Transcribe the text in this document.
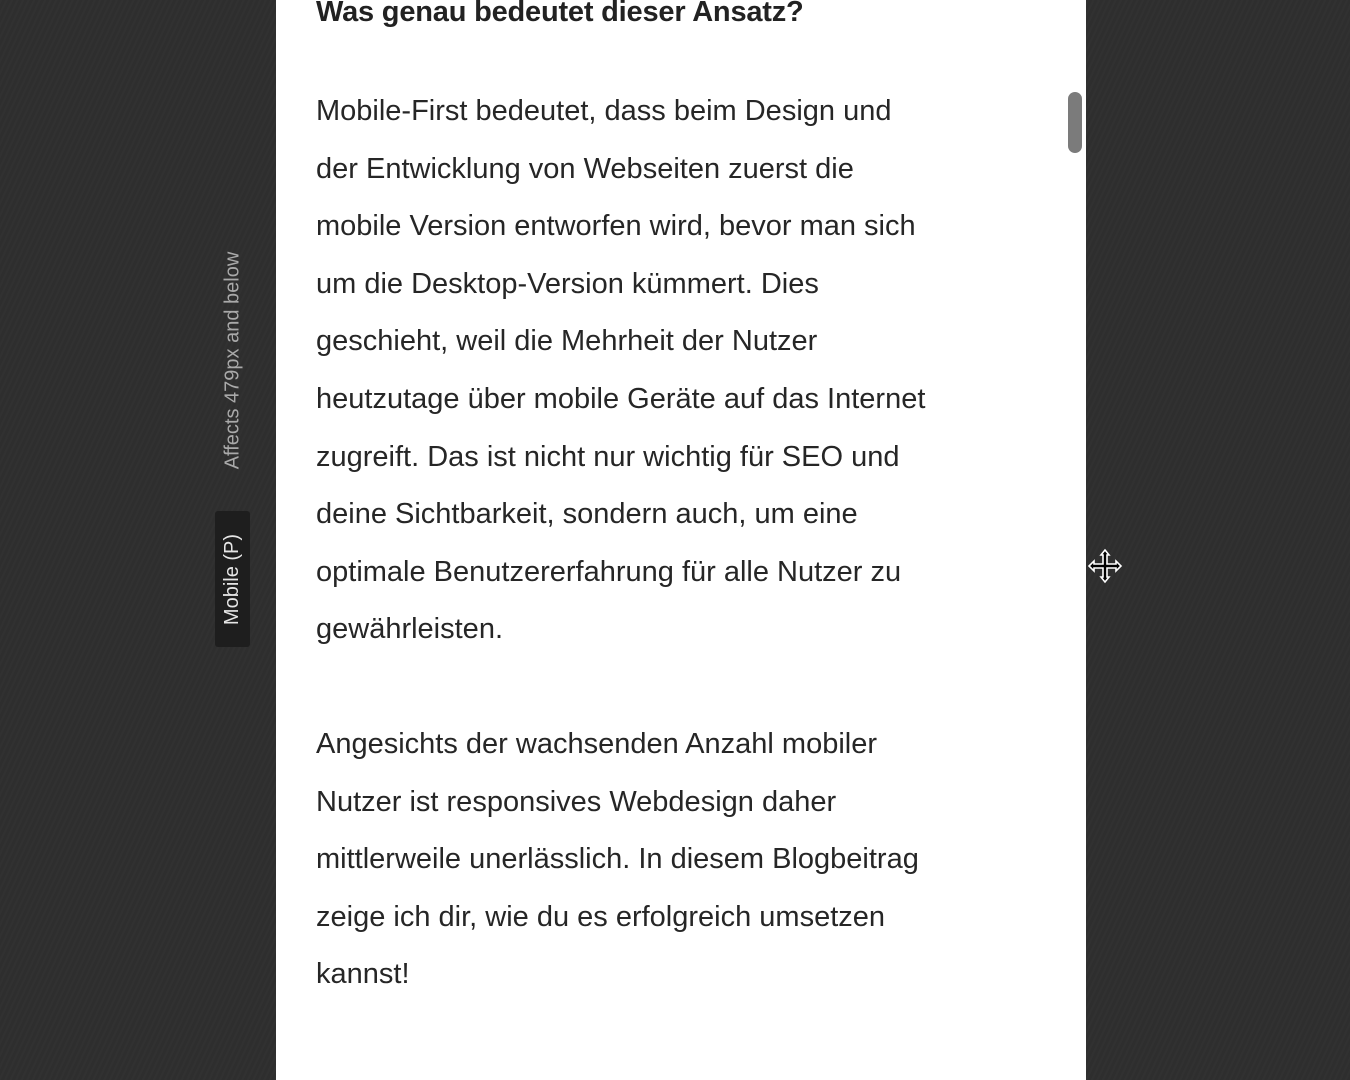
Affects 479px and below
Mobile (P)
Was genau bedeutet dieser Ansatz?

Mobile-First bedeutet, dass beim Design und
der Entwicklung von Webseiten zuerst die
mobile Version entworfen wird, bevor man sich
um die Desktop-Version kümmert. Dies
geschieht, weil die Mehrheit der Nutzer
heutzutage über mobile Geräte auf das Internet
zugreift. Das ist nicht nur wichtig für SEO und
deine Sichtbarkeit, sondern auch, um eine
optimale Benutzererfahrung für alle Nutzer zu
gewährleisten.

Angesichts der wachsenden Anzahl mobiler
Nutzer ist responsives Webdesign daher
mittlerweile unerlässlich. In diesem Blogbeitrag
zeige ich dir, wie du es erfolgreich umsetzen
kannst!
